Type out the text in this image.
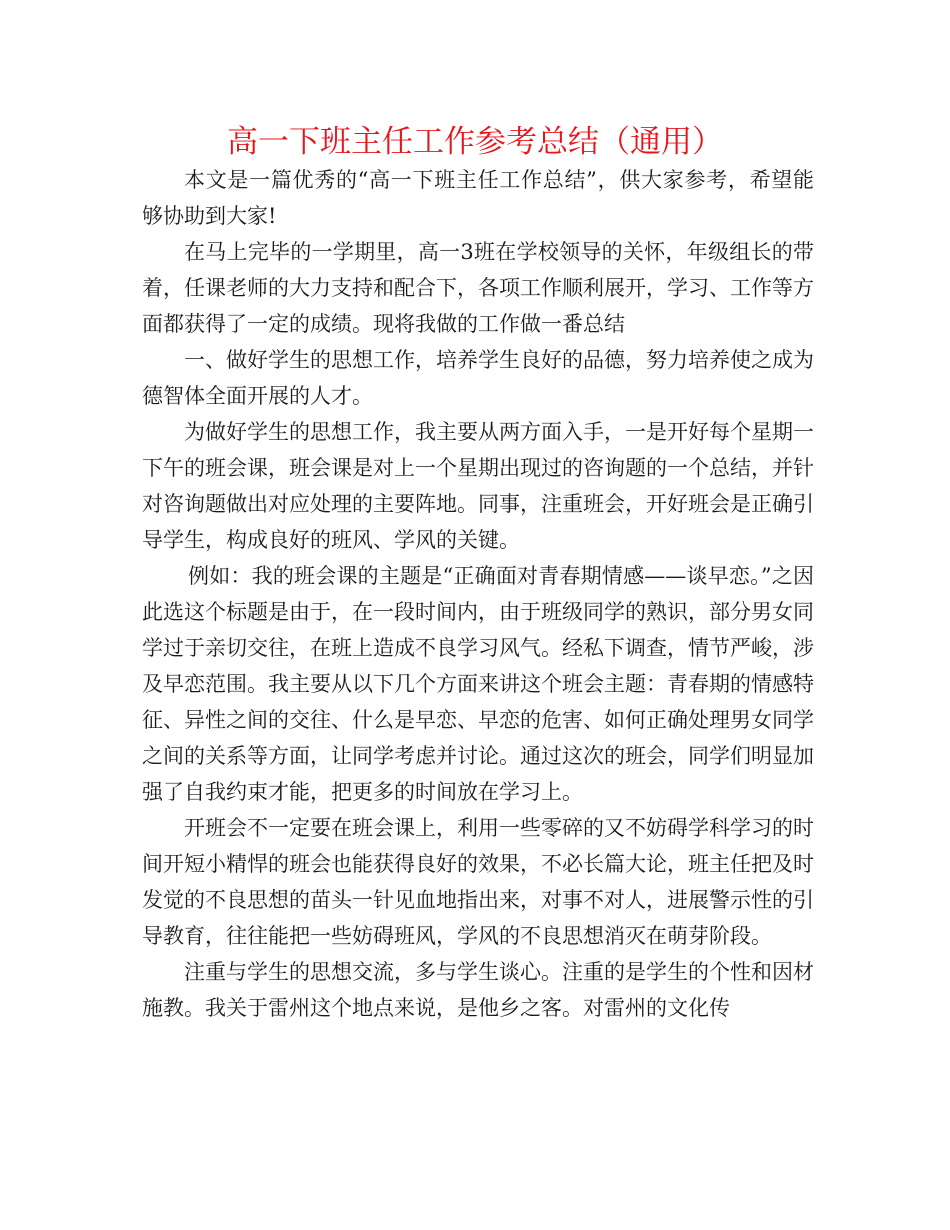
高一下班主任工作参考总结（通用）

本文是一篇优秀的“高一下班主任工作总结”，供大家参考，希望能够协助到大家!

在马上完毕的一学期里，高一3班在学校领导的关怀，年级组长的带着，任课老师的大力支持和配合下，各项工作顺利展开，学习、工作等方面都获得了一定的成绩。现将我做的工作做一番总结

一、做好学生的思想工作，培养学生良好的品德，努力培养使之成为德智体全面开展的人才。

为做好学生的思想工作，我主要从两方面入手，一是开好每个星期一下午的班会课，班会课是对上一个星期出现过的咨询题的一个总结，并针对咨询题做出对应处理的主要阵地。同事，注重班会，开好班会是正确引导学生，构成良好的班风、学风的关键。

例如：我的班会课的主题是“正确面对青春期情感——谈早恋。”之因此选这个标题是由于，在一段时间内，由于班级同学的熟识，部分男女同学过于亲切交往，在班上造成不良学习风气。经私下调查，情节严峻，涉及早恋范围。我主要从以下几个方面来讲这个班会主题：青春期的情感特征、异性之间的交往、什么是早恋、早恋的危害、如何正确处理男女同学之间的关系等方面，让同学考虑并讨论。通过这次的班会，同学们明显加强了自我约束才能，把更多的时间放在学习上。

开班会不一定要在班会课上，利用一些零碎的又不妨碍学科学习的时间开短小精悍的班会也能获得良好的效果，不必长篇大论，班主任把及时发觉的不良思想的苗头一针见血地指出来，对事不对人，进展警示性的引导教育，往往能把一些妨碍班风，学风的不良思想消灭在萌芽阶段。

注重与学生的思想交流，多与学生谈心。注重的是学生的个性和因材施教。我关于雷州这个地点来说，是他乡之客。对雷州的文化传
